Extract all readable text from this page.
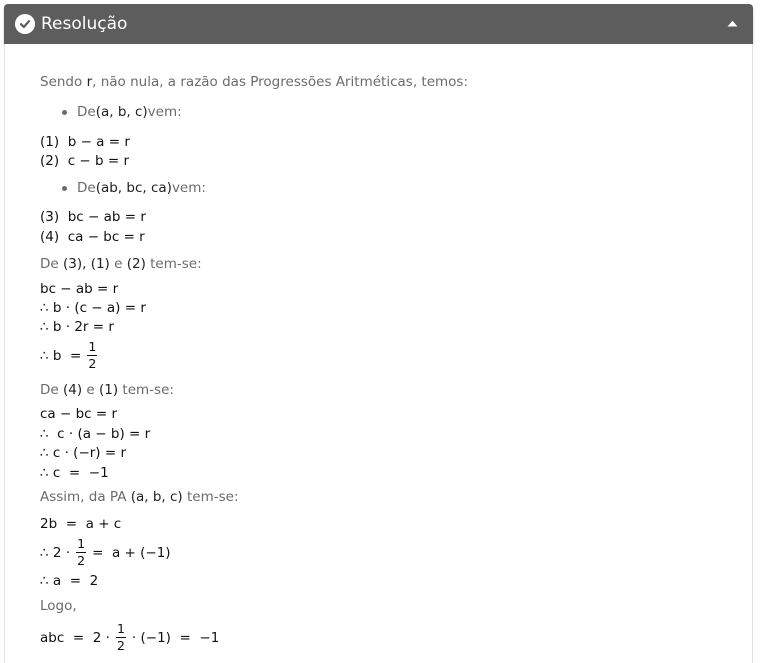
Resolução
Sendo r, não nula, a razão das Progressões Aritméticas, temos:
De (a, b, c) vem:
(1)  b − a = r
(2)  c − b = r
De (ab, bc, ca) vem:
(3)  bc − ab = r
(4)  ca − bc = r
De (3), (1) e (2) tem-se:
bc − ab = r
∴ b · (c − a) = r
∴ b · 2r = r
∴ $b = \frac{1}{2}$
De (4) e (1) tem-se:
ca − bc = r
∴  c · (a − b) = r
∴ c · (−r) = r
∴ c  =  −1
Assim, da PA (a, b, c) tem-se:
2b  =  a + c
∴ $2 \cdot \frac{1}{2} = a + (-1)$
∴ a  =  2
Logo,
abc  =  $2 \cdot \frac{1}{2} \cdot (-1) = -1$
